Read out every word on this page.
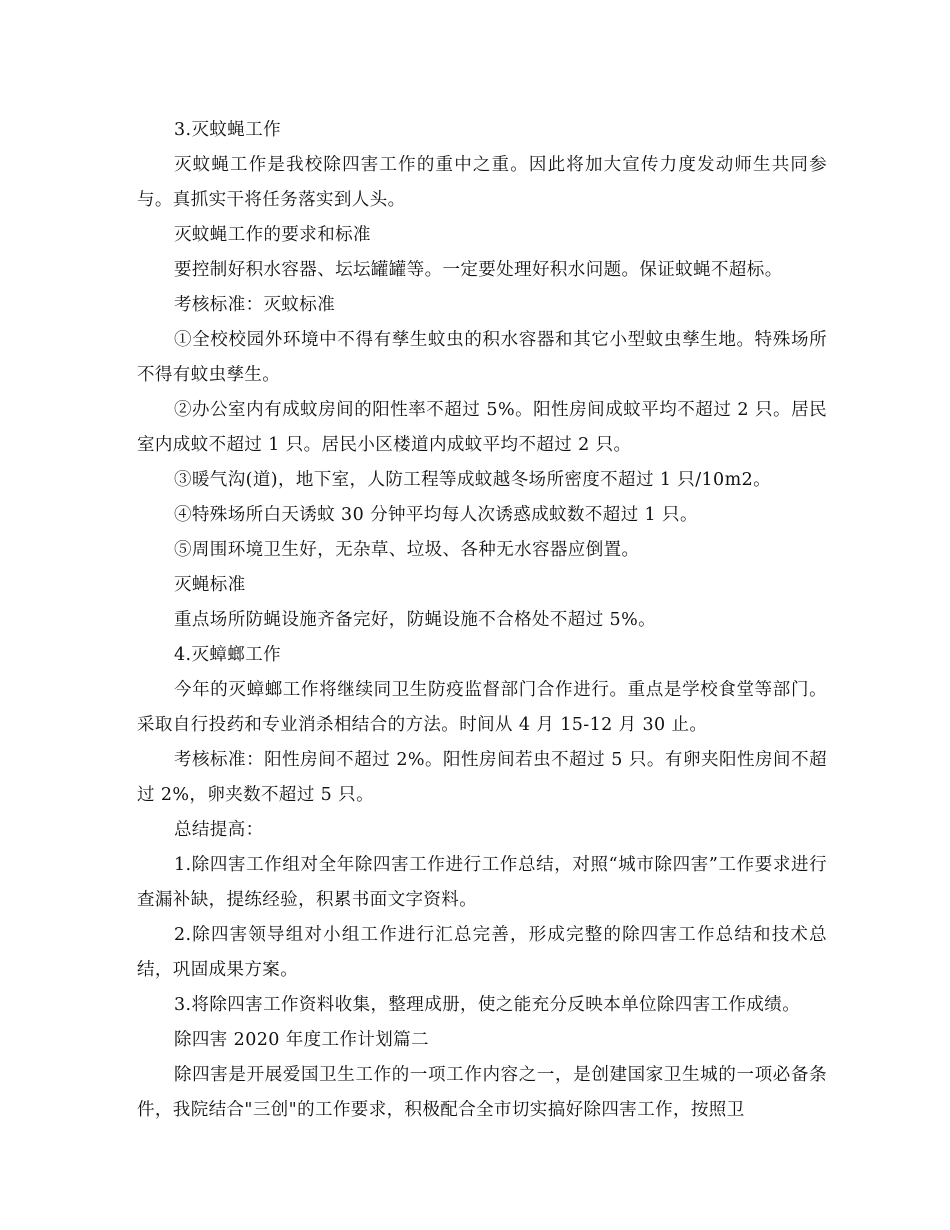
3.灭蚊蝇工作

灭蚊蝇工作是我校除四害工作的重中之重。因此将加大宣传力度发动师生共同参与。真抓实干将任务落实到人头。

灭蚊蝇工作的要求和标准

要控制好积水容器、坛坛罐罐等。一定要处理好积水问题。保证蚊蝇不超标。

考核标准：灭蚊标准

①全校校园外环境中不得有孳生蚊虫的积水容器和其它小型蚊虫孳生地。特殊场所不得有蚊虫孳生。

②办公室内有成蚊房间的阳性率不超过 5%。阳性房间成蚊平均不超过 2 只。居民室内成蚊不超过 1 只。居民小区楼道内成蚊平均不超过 2 只。

③暖气沟(道)，地下室，人防工程等成蚊越冬场所密度不超过 1 只/10m2。

④特殊场所白天诱蚊 30 分钟平均每人次诱惑成蚊数不超过 1 只。

⑤周围环境卫生好，无杂草、垃圾、各种无水容器应倒置。

灭蝇标准

重点场所防蝇设施齐备完好，防蝇设施不合格处不超过 5%。

4.灭蟑螂工作

今年的灭蟑螂工作将继续同卫生防疫监督部门合作进行。重点是学校食堂等部门。采取自行投药和专业消杀相结合的方法。时间从 4 月 15-12 月 30 止。

考核标准：阳性房间不超过 2%。阳性房间若虫不超过 5 只。有卵夹阳性房间不超过 2%，卵夹数不超过 5 只。

总结提高：

1.除四害工作组对全年除四害工作进行工作总结，对照“城市除四害”工作要求进行查漏补缺，提练经验，积累书面文字资料。

2.除四害领导组对小组工作进行汇总完善，形成完整的除四害工作总结和技术总结，巩固成果方案。

3.将除四害工作资料收集，整理成册，使之能充分反映本单位除四害工作成绩。

除四害 2020 年度工作计划篇二

除四害是开展爱国卫生工作的一项工作内容之一，是创建国家卫生城的一项必备条件，我院结合"三创"的工作要求，积极配合全市切实搞好除四害工作，按照卫
